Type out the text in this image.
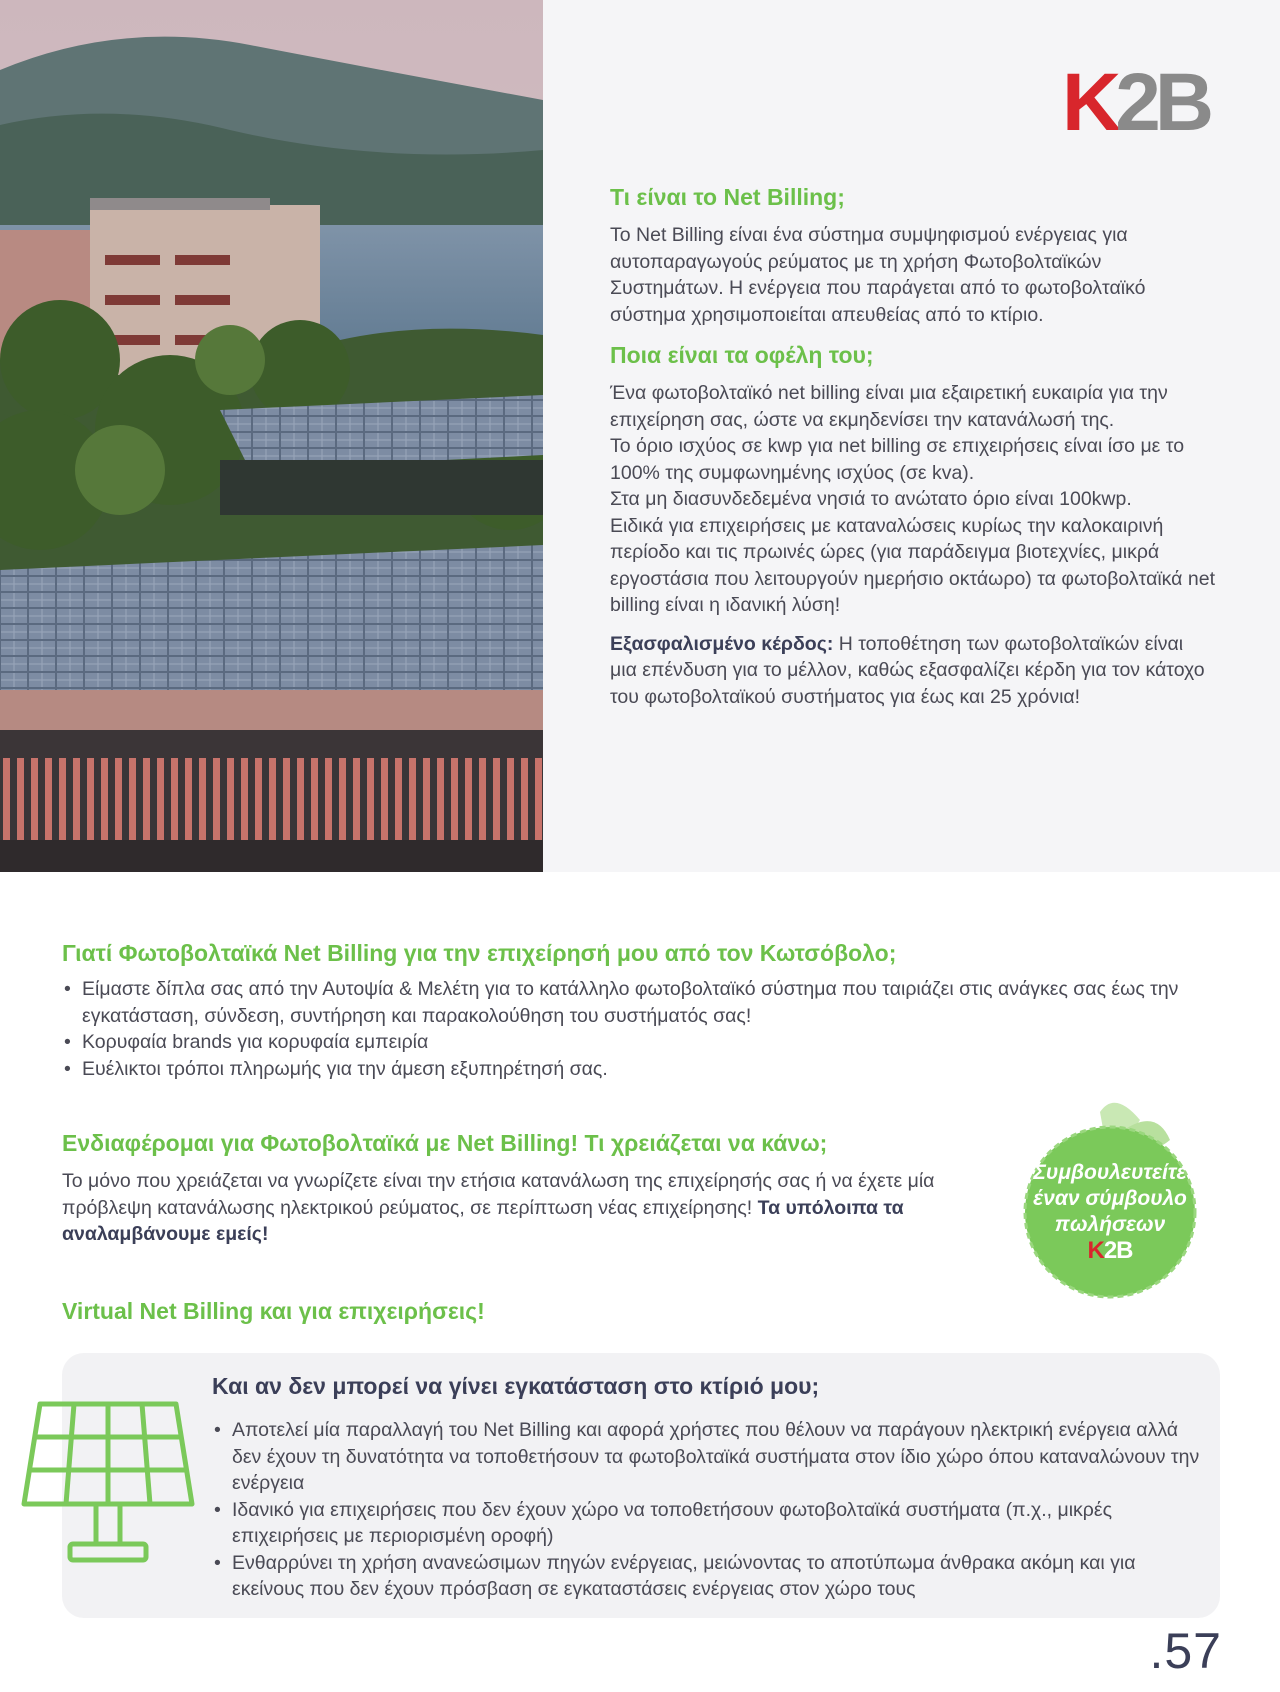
K2B
Τι είναι το Net Billing;

Το Net Billing είναι ένα σύστημα συμψηφισμού ενέργειας για αυτοπαραγωγούς ρεύματος με τη χρήση Φωτοβολταϊκών Συστημάτων. Η ενέργεια που παράγεται από το φωτοβολταϊκό σύστημα χρησιμοποιείται απευθείας από το κτίριο.

Ποια είναι τα οφέλη του;

Ένα φωτοβολταϊκό net billing είναι μια εξαιρετική ευκαιρία για την επιχείρηση σας, ώστε να εκμηδενίσει την κατανάλωσή της.

Το όριο ισχύος σε kwp για net billing σε επιχειρήσεις είναι ίσο με το 100% της συμφωνημένης ισχύος (σε kva).

Στα μη διασυνδεδεμένα νησιά το ανώτατο όριο είναι 100kwp.

Ειδικά για επιχειρήσεις με καταναλώσεις κυρίως την καλοκαιρινή περίοδο και τις πρωινές ώρες (για παράδειγμα βιοτεχνίες, μικρά εργοστάσια που λειτουργούν ημερήσιο οκτάωρο) τα φωτοβολταϊκά net billing είναι η ιδανική λύση!

Εξασφαλισμένο κέρδος: Η τοποθέτηση των φωτοβολταϊκών είναι μια επένδυση για το μέλλον, καθώς εξασφαλίζει κέρδη για τον κάτοχο του φωτοβολταϊκού συστήματος για έως και 25 χρόνια!

Γιατί Φωτοβολταϊκά Net Billing για την επιχείρησή μου από τον Κωτσόβολο;
• Είμαστε δίπλα σας από την Αυτοψία & Μελέτη για το κατάλληλο φωτοβολταϊκό σύστημα που ταιριάζει στις ανάγκες σας έως την εγκατάσταση, σύνδεση, συντήρηση και παρακολούθηση του συστήματός σας!
• Κορυφαία brands για κορυφαία εμπειρία
• Ευέλικτοι τρόποι πληρωμής για την άμεση εξυπηρέτησή σας.
Ενδιαφέρομαι για Φωτοβολταϊκά με Net Billing! Τι χρειάζεται να κάνω;

Το μόνο που χρειάζεται να γνωρίζετε είναι την ετήσια κατανάλωση της επιχείρησής σας ή να έχετε μία πρόβλεψη κατανάλωσης ηλεκτρικού ρεύματος, σε περίπτωση νέας επιχείρησης! Τα υπόλοιπα τα αναλαμβάνουμε εμείς!

Συμβουλευτείτε
έναν σύμβουλο
πωλήσεων
K2B
Virtual Net Billing και για επιχειρήσεις!
Και αν δεν μπορεί να γίνει εγκατάσταση στο κτίριό μου;
• Αποτελεί μία παραλλαγή του Net Billing και αφορά χρήστες που θέλουν να παράγουν ηλεκτρική ενέργεια αλλά δεν έχουν τη δυνατότητα να τοποθετήσουν τα φωτοβολταϊκά συστήματα στον ίδιο χώρο όπου καταναλώνουν την ενέργεια
• Ιδανικό για επιχειρήσεις που δεν έχουν χώρο να τοποθετήσουν φωτοβολταϊκά συστήματα (π.χ., μικρές επιχειρήσεις με περιορισμένη οροφή)
• Ενθαρρύνει τη χρήση ανανεώσιμων πηγών ενέργειας, μειώνοντας το αποτύπωμα άνθρακα ακόμη και για εκείνους που δεν έχουν πρόσβαση σε εγκαταστάσεις ενέργειας στον χώρο τους
.57
